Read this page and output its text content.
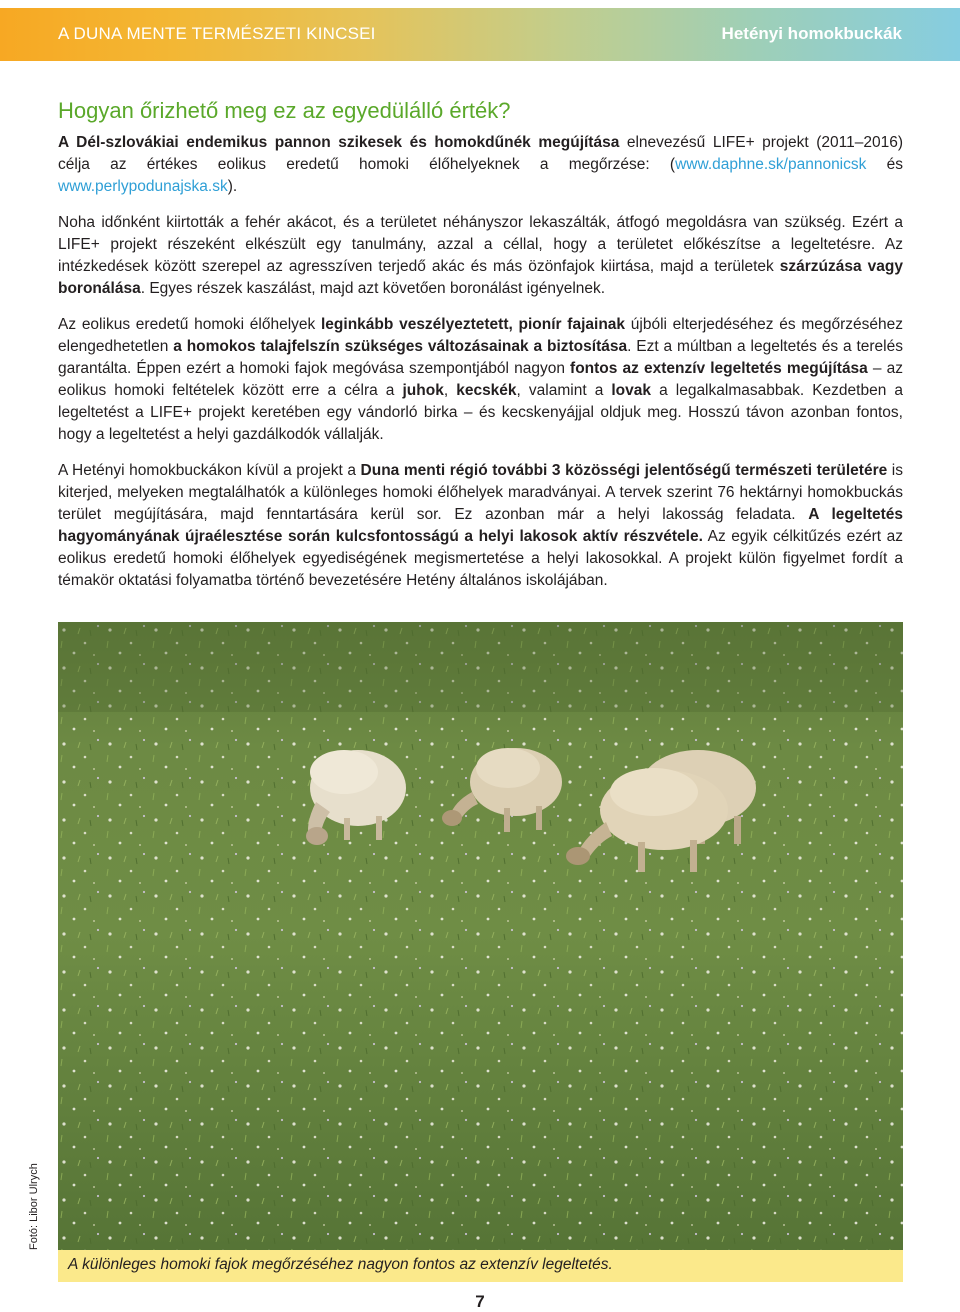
A DUNA MENTE TERMÉSZETI KINCSEI	Hetényi homokbuckák
Hogyan őrizhető meg ez az egyedülálló érték?

A Dél-szlovákiai endemikus pannon szikesek és homokdűnék megújítása elnevezésű LIFE+ projekt (2011–2016) célja az értékes eolikus eredetű homoki élőhelyeknek a megőrzése: (www.daphne.sk/pannonicsk és www.perlypodunajska.sk).

Noha időnként kiirtották a fehér akácot, és a területet néhányszor lekaszálták, átfogó megoldásra van szükség. Ezért a LIFE+ projekt részeként elkészült egy tanulmány, azzal a céllal, hogy a területet előkészítse a legeltetésre. Az intézkedések között szerepel az agresszíven terjedő akác és más özönfajok kiirtása, majd a területek szárzúzása vagy boronálása. Egyes részek kaszálást, majd azt követően boronálást igényelnek.

Az eolikus eredetű homoki élőhelyek leginkább veszélyeztetett, pionír fajainak újbóli elterjedéséhez és megőrzéséhez elengedhetetlen a homokos talajfelszín szükséges változásainak a biztosítása. Ezt a múltban a legeltetés és a terelés garantálta. Éppen ezért a homoki fajok megóvása szempontjából nagyon fontos az extenzív legeltetés megújítása – az eolikus homoki feltételek között erre a célra a juhok, kecskék, valamint a lovak a legalkalmasabbak. Kezdetben a legeltetést a LIFE+ projekt keretében egy vándorló birka – és kecskenyájjal oldjuk meg. Hosszú távon azonban fontos, hogy a legeltetést a helyi gazdálkodók vállalják.

A Hetényi homokbuckákon kívül a projekt a Duna menti régió további 3 közösségi jelentőségű természeti területére is kiterjed, melyeken megtalálhatók a különleges homoki élőhelyek maradványai. A tervek szerint 76 hektárnyi homokbuckás terület megújítására, majd fenntartására kerül sor. Ez azonban már a helyi lakosság feladata. A legeltetés hagyományának újraélesztése során kulcsfontosságú a helyi lakosok aktív részvétele. Az egyik célkitűzés ezért az eolikus eredetű homoki élőhelyek egyediségének megismertetése a helyi lakosokkal. A projekt külön figyelmet fordít a témakör oktatási folyamatba történő bevezetésére Hetény általános iskolájában.

A különleges homoki fajok megőrzéséhez nagyon fontos az extenzív legeltetés.
Fotó: Libor Ulrych
7
